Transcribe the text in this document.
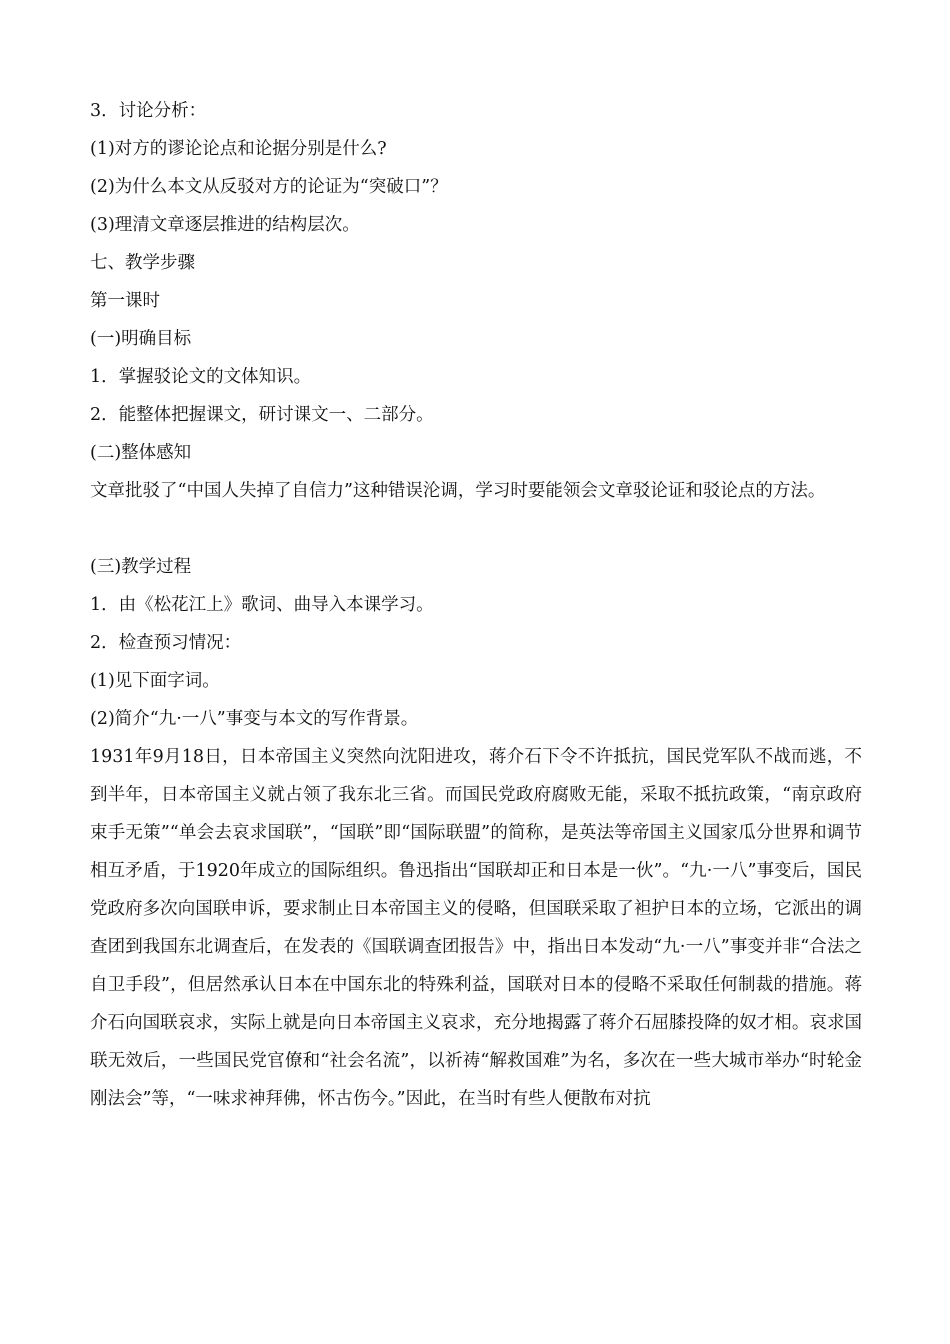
3．讨论分析：
(1)对方的谬论论点和论据分别是什么?
(2)为什么本文从反驳对方的论证为“突破口”？
(3)理清文章逐层推进的结构层次。
七、教学步骤
第一课时
(一)明确目标
1．掌握驳论文的文体知识。
2．能整体把握课文，研讨课文一、二部分。
(二)整体感知
文章批驳了“中国人失掉了自信力”这种错误沦调，学习时要能领会文章驳论证和驳论点的方法。
(三)教学过程
1．由《松花江上》歌词、曲导入本课学习。
2．检查预习情况：
(1)见下面字词。
(2)简介“九·一八”事变与本文的写作背景。
1931年9月18日，日本帝国主义突然向沈阳进攻，蒋介石下令不许抵抗，国民党军队不战而逃，不到半年，日本帝国主义就占领了我东北三省。而国民党政府腐败无能，采取不抵抗政策，“南京政府束手无策”“单会去哀求国联”，“国联”即“国际联盟”的简称，是英法等帝国主义国家瓜分世界和调节相互矛盾，于1920年成立的国际组织。鲁迅指出“国联却正和日本是一伙”。“九·一八”事变后，国民党政府多次向国联申诉，要求制止日本帝国主义的侵略，但国联采取了袒护日本的立场，它派出的调查团到我国东北调查后，在发表的《国联调查团报告》中，指出日本发动“九·一八”事变并非“合法之自卫手段”，但居然承认日本在中国东北的特殊利益，国联对日本的侵略不采取任何制裁的措施。蒋介石向国联哀求，实际上就是向日本帝国主义哀求，充分地揭露了蒋介石屈膝投降的奴才相。哀求国联无效后，一些国民党官僚和“社会名流”，以祈祷“解救国难”为名，多次在一些大城市举办“时轮金刚法会”等，“一味求神拜佛，怀古伤今。”因此，在当时有些人便散布对抗
